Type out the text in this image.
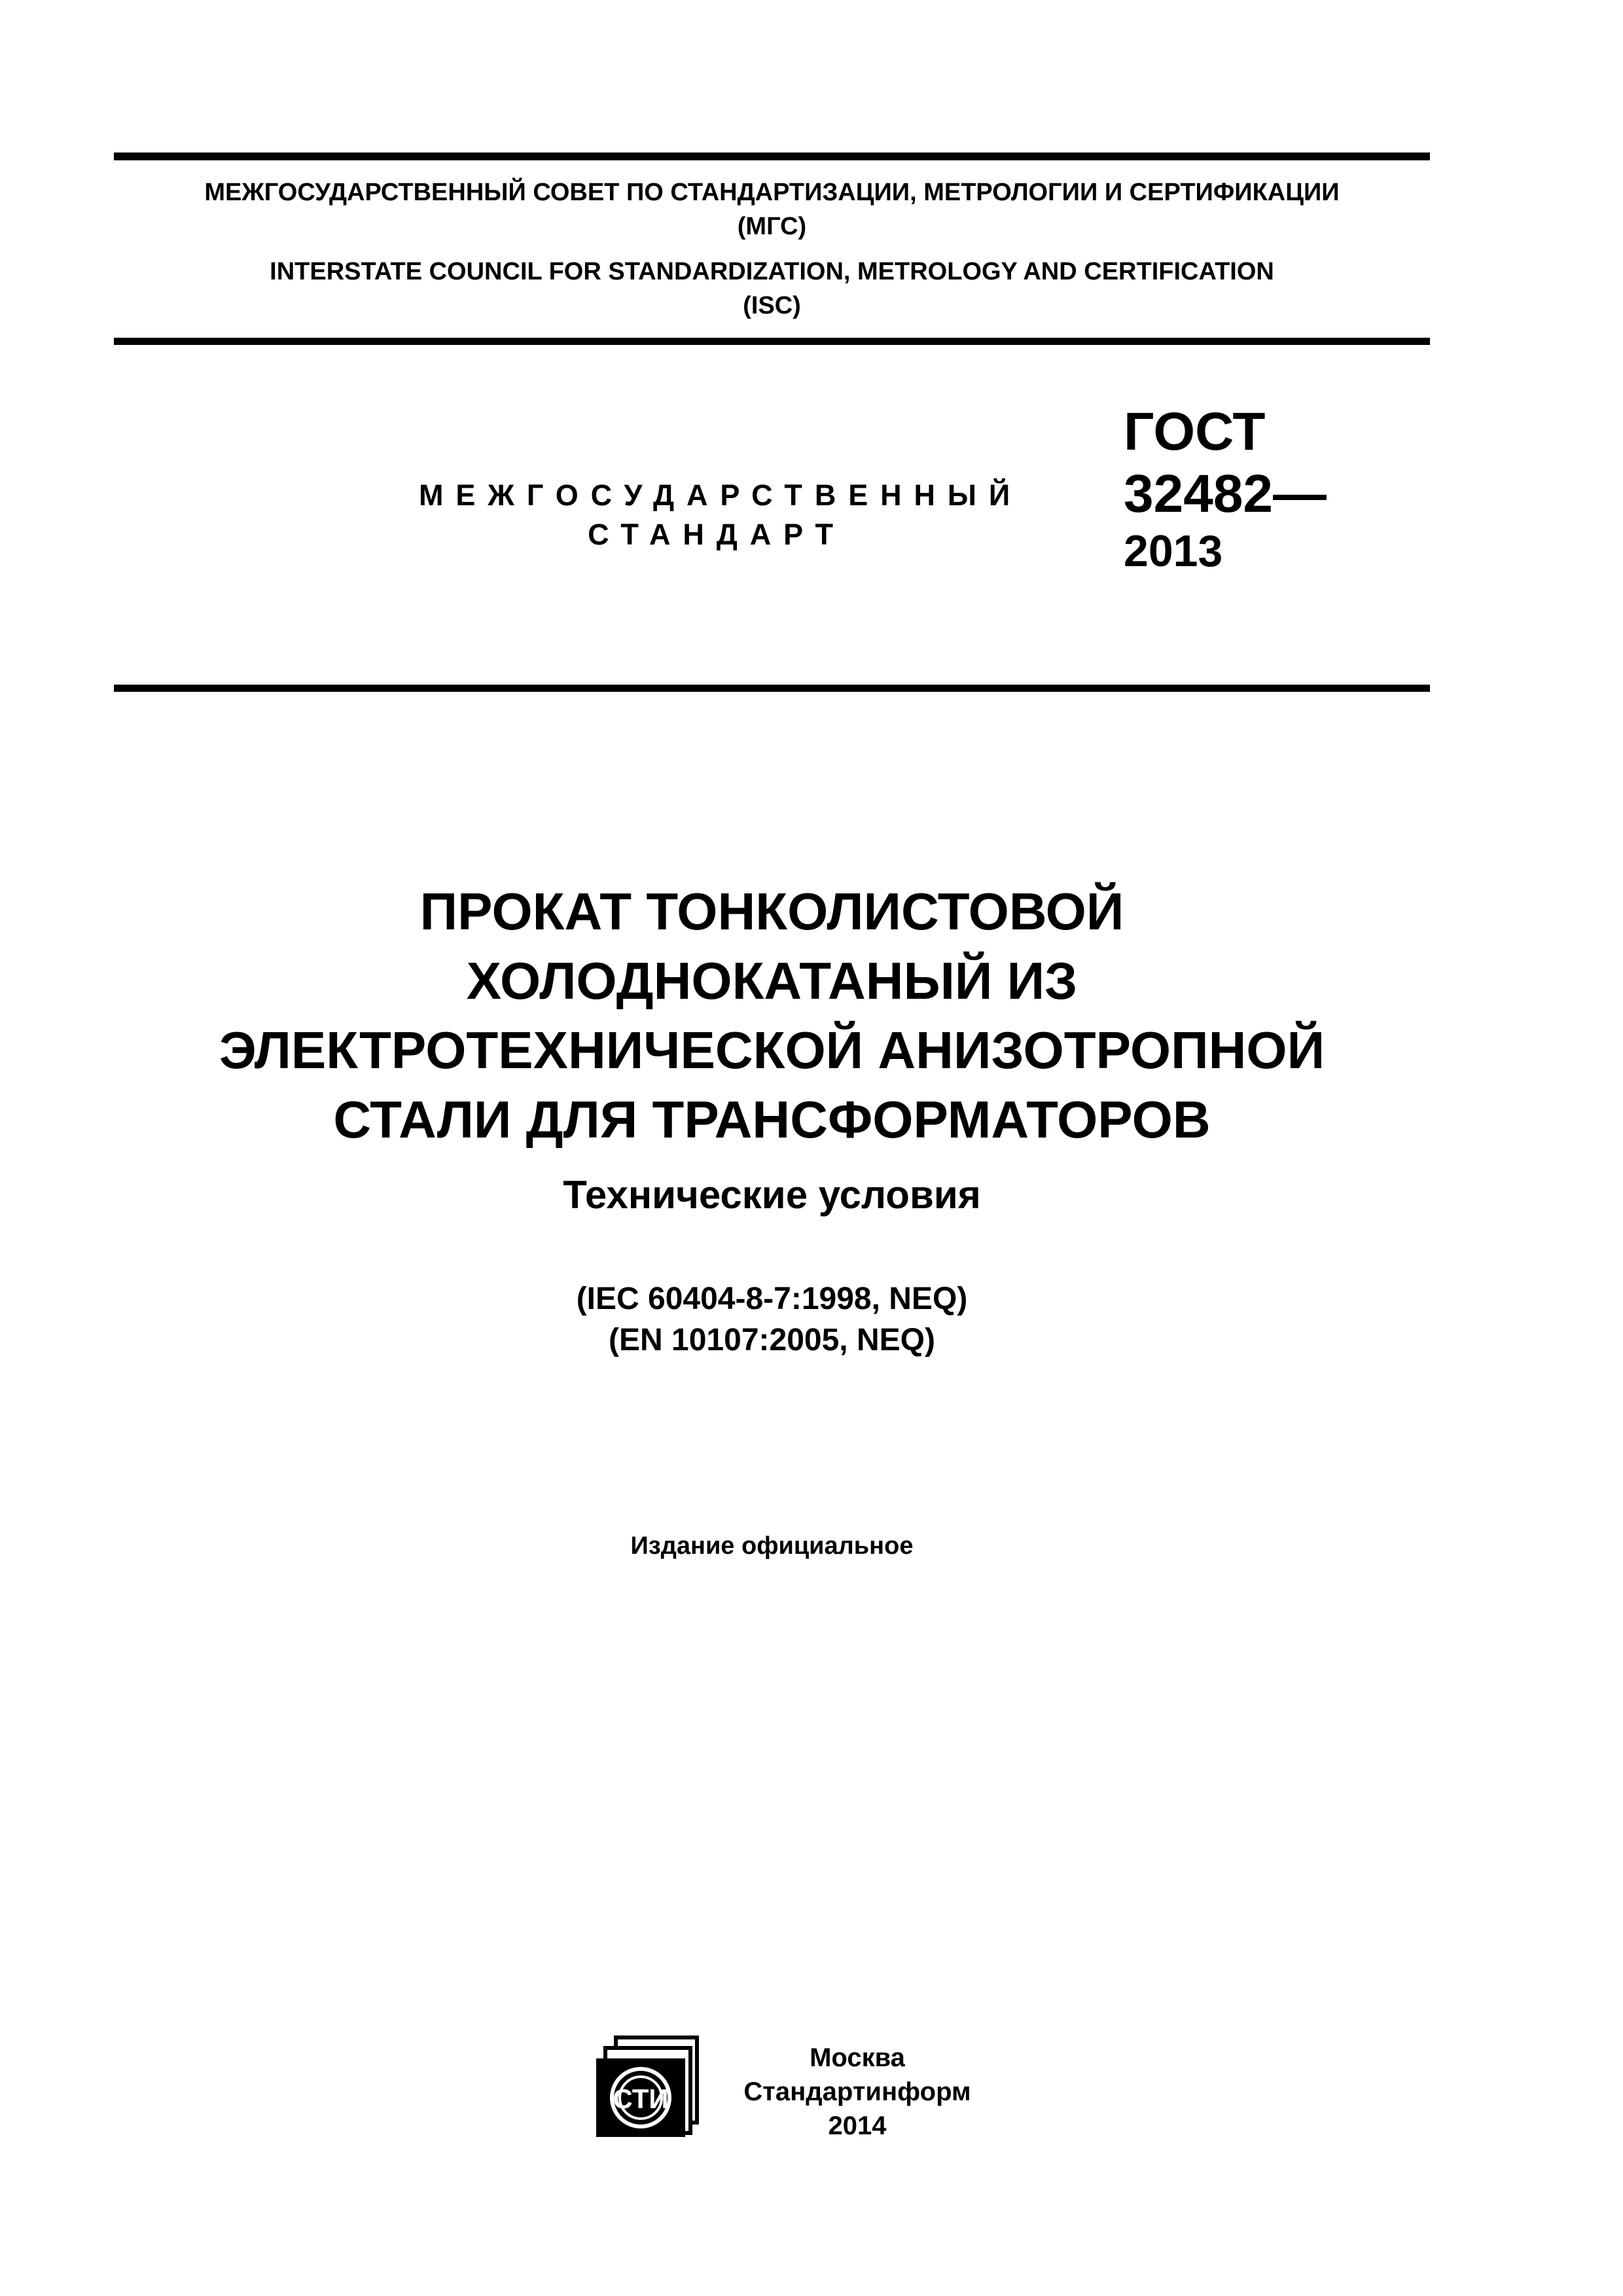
МЕЖГОСУДАРСТВЕННЫЙ СОВЕТ ПО СТАНДАРТИЗАЦИИ, МЕТРОЛОГИИ И СЕРТИФИКАЦИИ
(МГС)
INTERSTATE COUNCIL FOR STANDARDIZATION, METROLOGY AND CERTIFICATION
(ISC)
МЕЖГОСУДАРСТВЕННЫЙ
СТАНДАРТ
ГОСТ
32482—
2013
ПРОКАТ ТОНКОЛИСТОВОЙ
ХОЛОДНОКАТАНЫЙ ИЗ
ЭЛЕКТРОТЕХНИЧЕСКОЙ АНИЗОТРОПНОЙ
СТАЛИ ДЛЯ ТРАНСФОРМАТОРОВ
Технические условия
(IEC 60404-8-7:1998, NEQ)
(EN 10107:2005, NEQ)
Издание официальное
СТИ
Москва
Стандартинформ
2014
